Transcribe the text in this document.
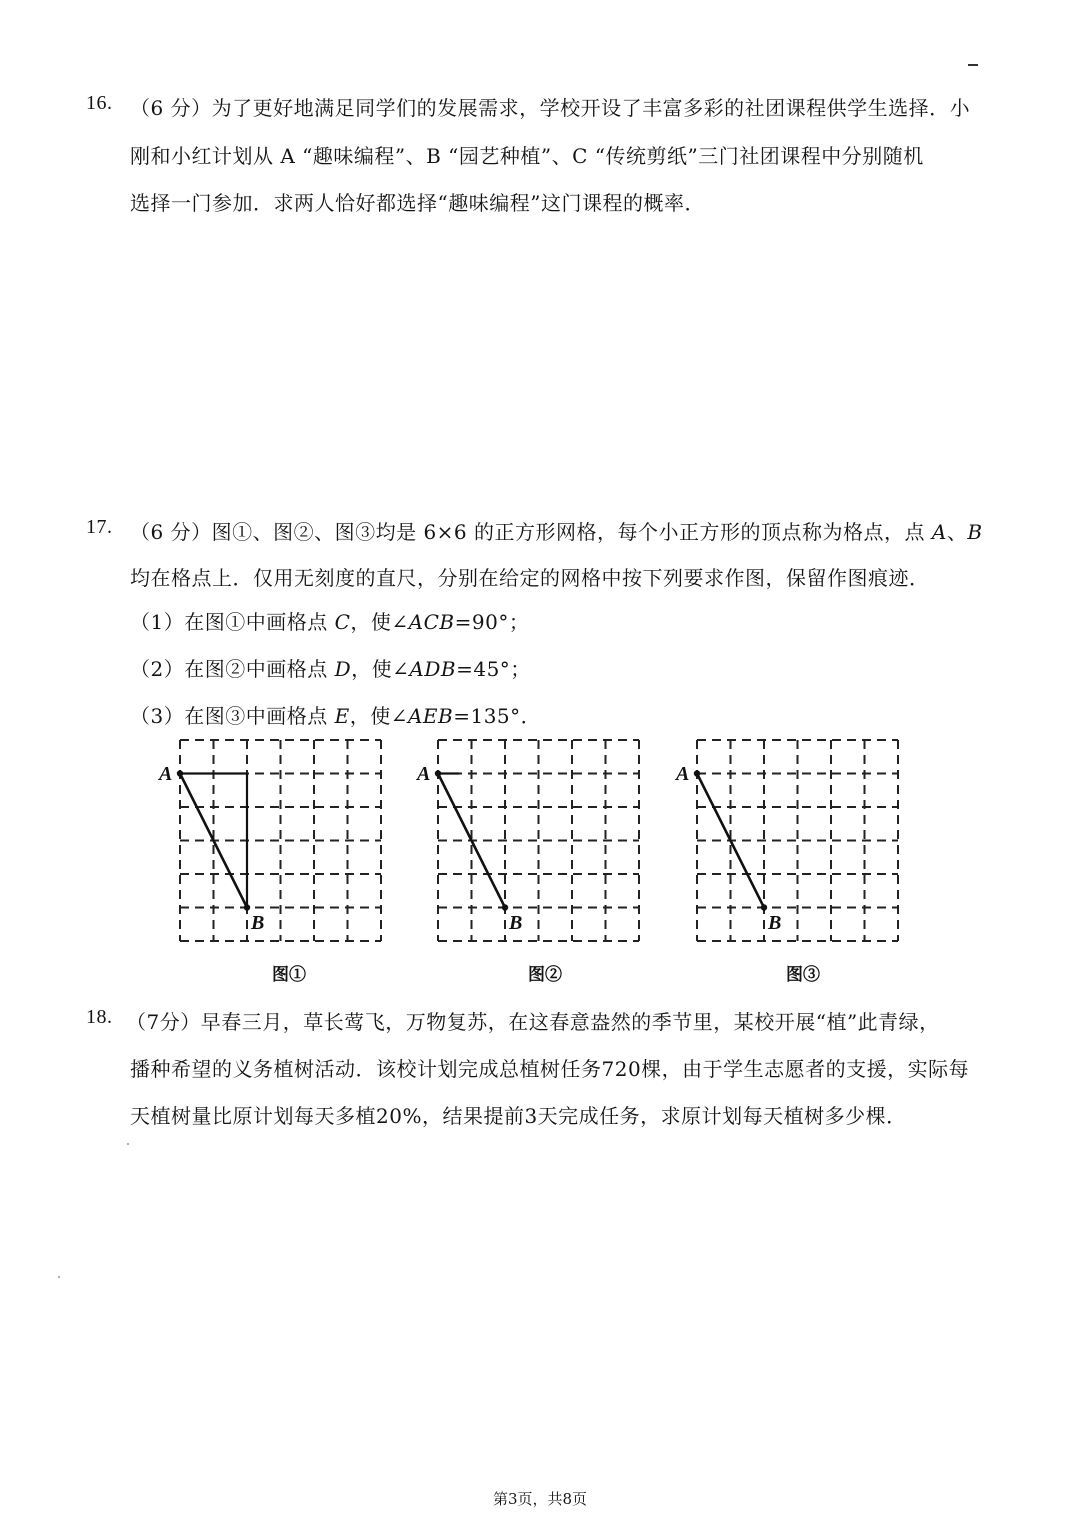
16. （6 分）为了更好地满足同学们的发展需求，学校开设了丰富多彩的社团课程供学生选择．小
刚和小红计划从 A “趣味编程”、B “园艺种植”、C “传统剪纸”三门社团课程中分别随机
选择一门参加．求两人恰好都选择“趣味编程”这门课程的概率．
17. （6 分）图①、图②、图③均是 6×6 的正方形网格，每个小正方形的顶点称为格点，点 A、B
均在格点上．仅用无刻度的直尺，分别在给定的网格中按下列要求作图，保留作图痕迹．
（1）在图①中画格点 C，使∠ACB=90°；
（2）在图②中画格点 D，使∠ADB=45°；
（3）在图③中画格点 E，使∠AEB=135°．
A
B
A
B
A
B
图①	图②	图③
18. （7分）早春三月，草长莺飞，万物复苏，在这春意盎然的季节里，某校开展“植”此青绿，
播种希望的义务植树活动．该校计划完成总植树任务720棵，由于学生志愿者的支援，实际每
天植树量比原计划每天多植20%，结果提前3天完成任务，求原计划每天植树多少棵．
第3页，共8页
